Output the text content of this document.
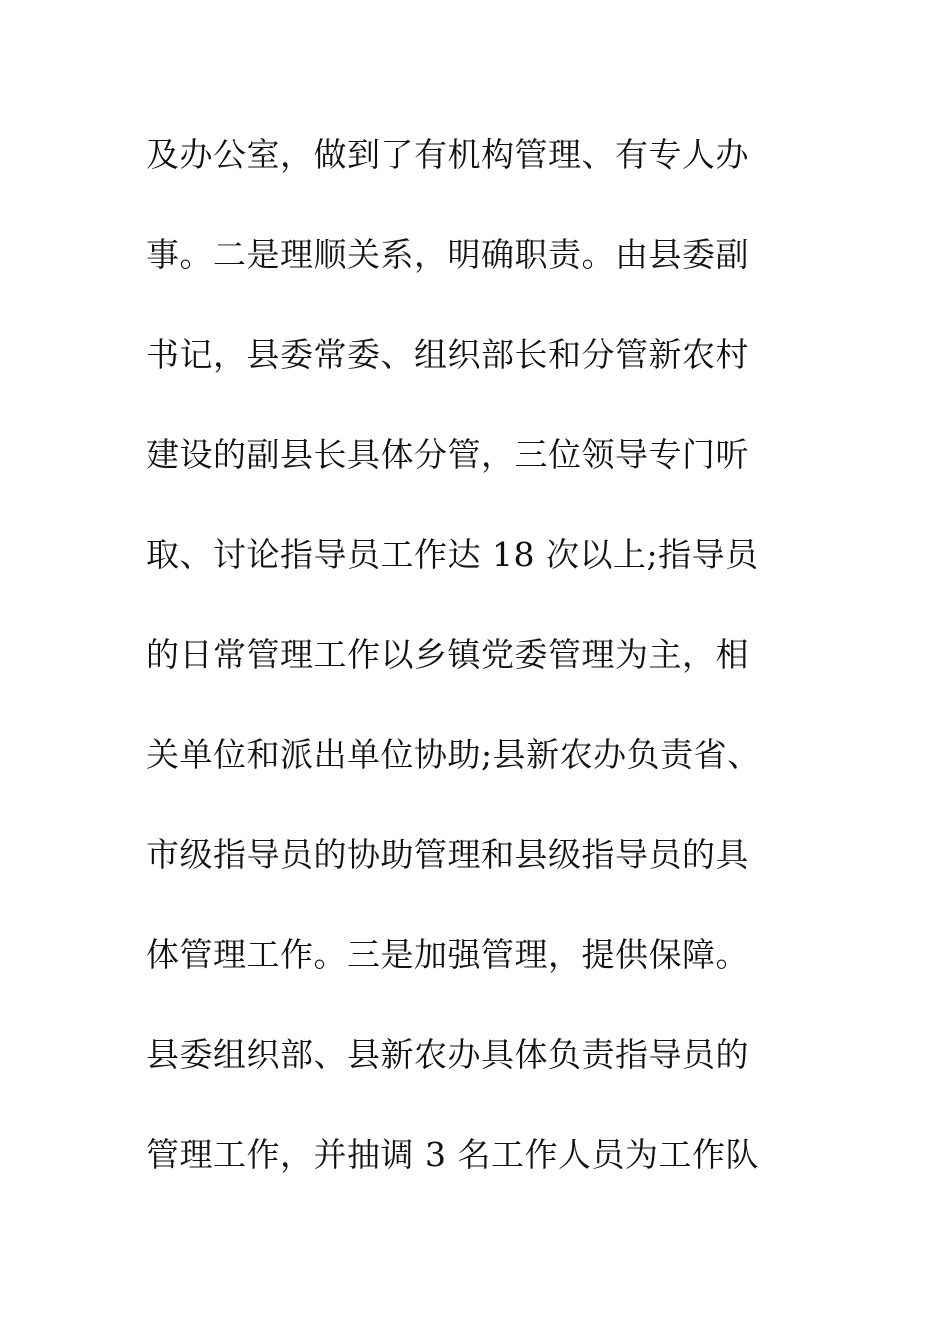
及办公室，做到了有机构管理、有专人办
事。二是理顺关系，明确职责。由县委副
书记，县委常委、组织部长和分管新农村
建设的副县长具体分管，三位领导专门听
取、讨论指导员工作达 18 次以上;指导员
的日常管理工作以乡镇党委管理为主，相
关单位和派出单位协助;县新农办负责省、
市级指导员的协助管理和县级指导员的具
体管理工作。三是加强管理，提供保障。
县委组织部、县新农办具体负责指导员的
管理工作，并抽调 3 名工作人员为工作队
